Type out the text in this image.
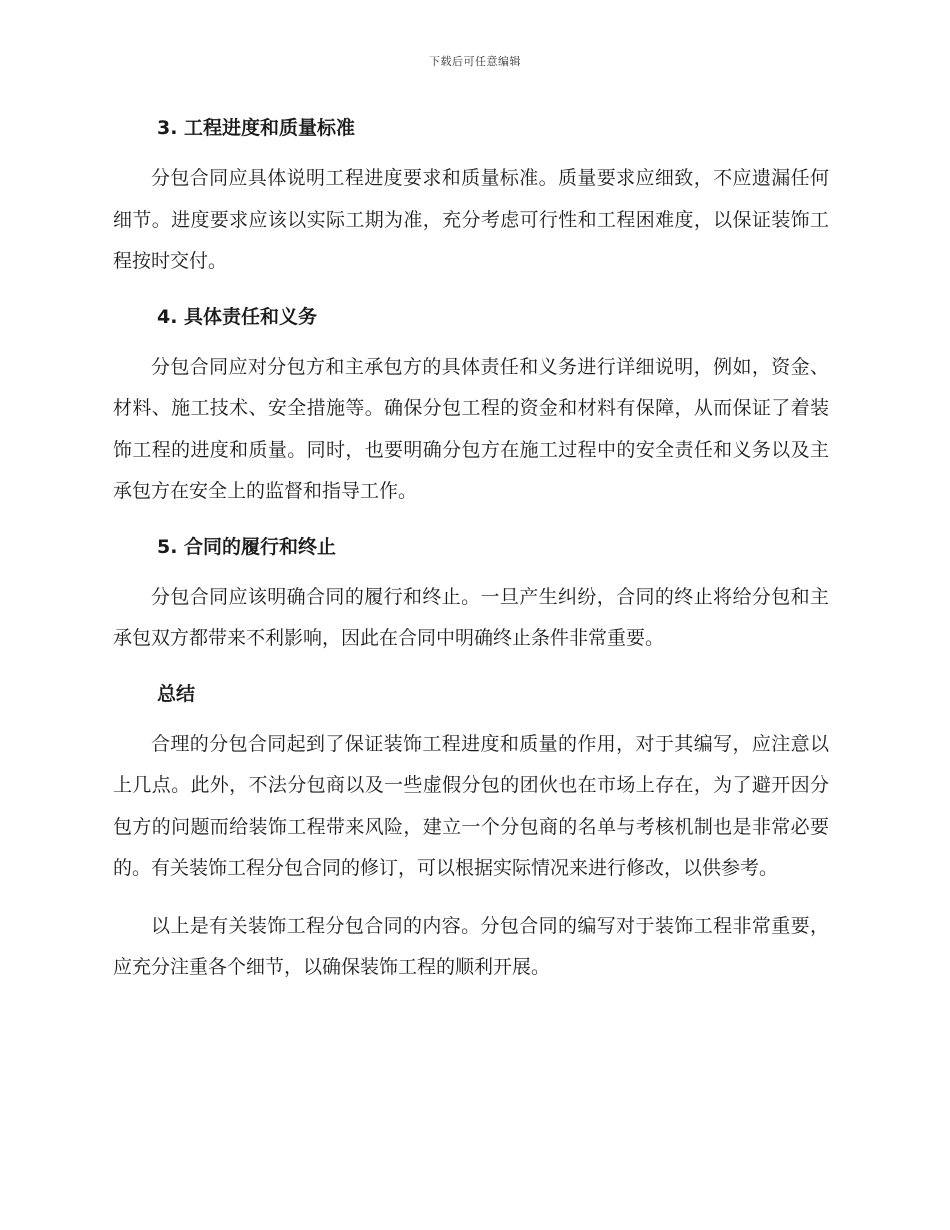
下载后可任意编辑
3. 工程进度和质量标准

分包合同应具体说明工程进度要求和质量标准。质量要求应细致，不应遗漏任何细节。进度要求应该以实际工期为准，充分考虑可行性和工程困难度，以保证装饰工程按时交付。

4. 具体责任和义务

分包合同应对分包方和主承包方的具体责任和义务进行详细说明，例如，资金、材料、施工技术、安全措施等。确保分包工程的资金和材料有保障，从而保证了着装饰工程的进度和质量。同时，也要明确分包方在施工过程中的安全责任和义务以及主承包方在安全上的监督和指导工作。

5. 合同的履行和终止

分包合同应该明确合同的履行和终止。一旦产生纠纷，合同的终止将给分包和主承包双方都带来不利影响，因此在合同中明确终止条件非常重要。

总结

合理的分包合同起到了保证装饰工程进度和质量的作用，对于其编写，应注意以上几点。此外，不法分包商以及一些虚假分包的团伙也在市场上存在，为了避开因分包方的问题而给装饰工程带来风险，建立一个分包商的名单与考核机制也是非常必要的。有关装饰工程分包合同的修订，可以根据实际情况来进行修改，以供参考。

以上是有关装饰工程分包合同的内容。分包合同的编写对于装饰工程非常重要，应充分注重各个细节，以确保装饰工程的顺利开展。
